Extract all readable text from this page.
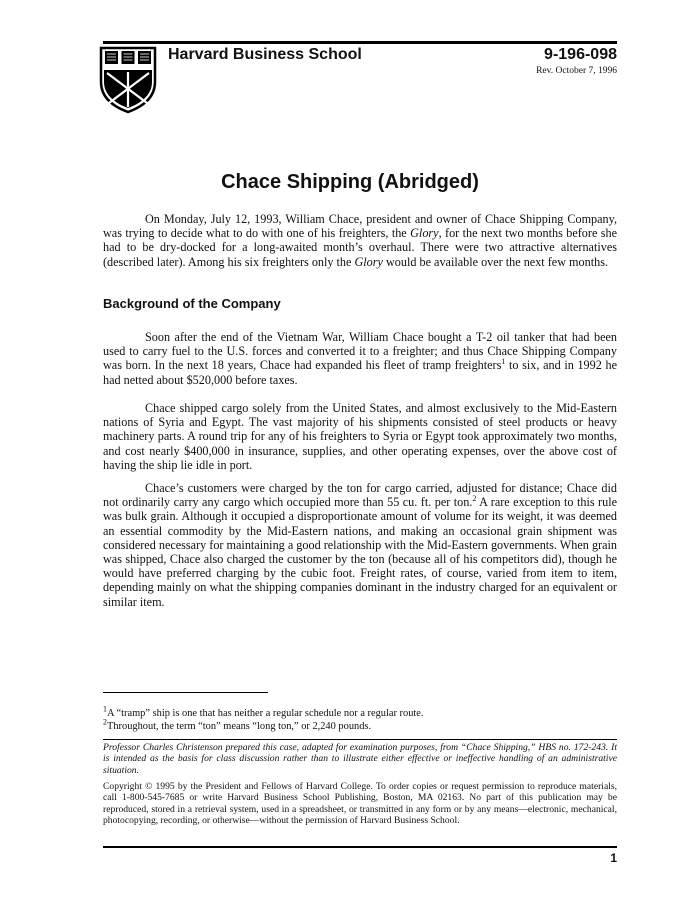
Harvard Business School	9-196-098
Rev. October 7, 1996
Chace Shipping (Abridged)

On Monday, July 12, 1993, William Chace, president and owner of Chace Shipping Company, was trying to decide what to do with one of his freighters, the Glory, for the next two months before she had to be dry-docked for a long-awaited month’s overhaul. There were two attractive alternatives (described later). Among his six freighters only the Glory would be available over the next few months.

Background of the Company

Soon after the end of the Vietnam War, William Chace bought a T-2 oil tanker that had been used to carry fuel to the U.S. forces and converted it to a freighter; and thus Chace Shipping Company was born. In the next 18 years, Chace had expanded his fleet of tramp freighters$^1$ to six, and in 1992 he had netted about $520,000 before taxes.

Chace shipped cargo solely from the United States, and almost exclusively to the Mid-Eastern nations of Syria and Egypt. The vast majority of his shipments consisted of steel products or heavy machinery parts. A round trip for any of his freighters to Syria or Egypt took approximately two months, and cost nearly $400,000 in insurance, supplies, and other operating expenses, over the above cost of having the ship lie idle in port.

Chace’s customers were charged by the ton for cargo carried, adjusted for distance; Chace did not ordinarily carry any cargo which occupied more than 55 cu. ft. per ton.$^2$ A rare exception to this rule was bulk grain. Although it occupied a disproportionate amount of volume for its weight, it was deemed an essential commodity by the Mid-Eastern nations, and making an occasional grain shipment was considered necessary for maintaining a good relationship with the Mid-Eastern governments. When grain was shipped, Chace also charged the customer by the ton (because all of his competitors did), though he would have preferred charging by the cubic foot. Freight rates, of course, varied from item to item, depending mainly on what the shipping companies dominant in the industry charged for an equivalent or similar item.

$^1$A “tramp” ship is one that has neither a regular schedule nor a regular route.
$^2$Throughout, the term “ton” means “long ton,” or 2,240 pounds.

Professor Charles Christenson prepared this case, adapted for examination purposes, from “Chace Shipping,” HBS no. 172-243. It is intended as the basis for class discussion rather than to illustrate either effective or ineffective handling of an administrative situation.

Copyright © 1995 by the President and Fellows of Harvard College. To order copies or request permission to reproduce materials, call 1-800-545-7685 or write Harvard Business School Publishing, Boston, MA 02163. No part of this publication may be reproduced, stored in a retrieval system, used in a spreadsheet, or transmitted in any form or by any means—electronic, mechanical, photocopying, recording, or otherwise—without the permission of Harvard Business School.

1
